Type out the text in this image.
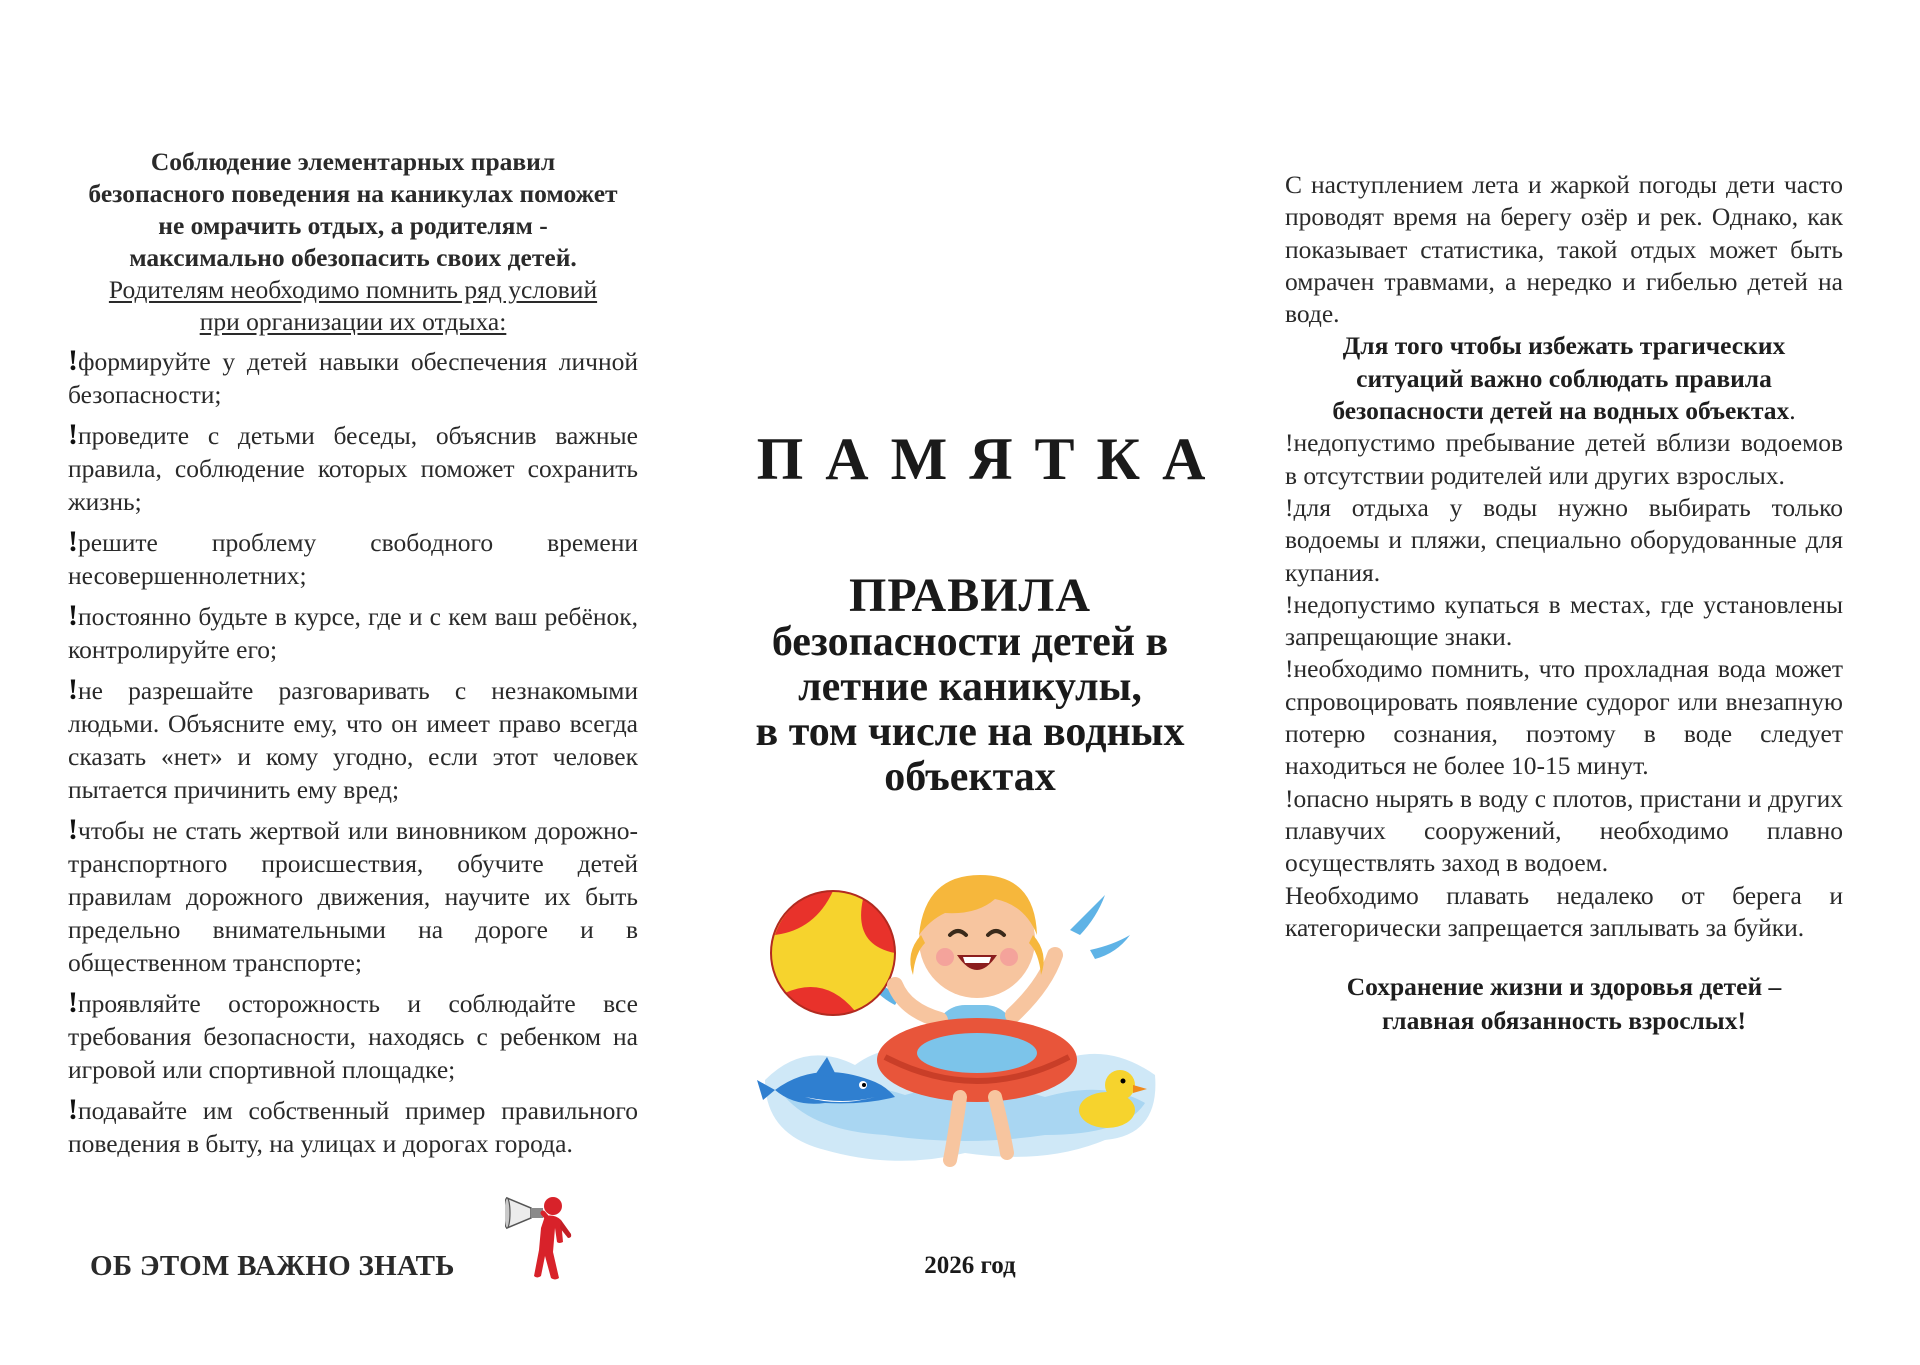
Соблюдение элементарных правил безопасного поведения на каникулах поможет не омрачить отдых, а родителям - максимально обезопасить своих детей.
Родителям необходимо помнить ряд условий при организации их отдыха:
!формируйте у детей навыки обеспечения личной безопасности;
!проведите с детьми беседы, объяснив важные правила, соблюдение которых поможет сохранить жизнь;
!решите проблему свободного времени несовершеннолетних;
!постоянно будьте в курсе, где и с кем ваш ребёнок, контролируйте его;
!не разрешайте разговаривать с незнакомыми людьми. Объясните ему, что он имеет право всегда сказать «нет» и кому угодно, если этот человек пытается причинить ему вред;
!чтобы не стать жертвой или виновником дорожно-транспортного происшествия, обучите детей правилам дорожного движения, научите их быть предельно внимательными на дороге и в общественном транспорте;
!проявляйте осторожность и соблюдайте все требования безопасности, находясь с ребенком на игровой или спортивной площадке;
!подавайте им собственный пример правильного поведения в быту, на улицах и дорогах города.
ОБ ЭТОМ ВАЖНО ЗНАТЬ
ПАМЯТКА
ПРАВИЛА
безопасности детей в
летние каникулы,
в том числе на водных
объектах
2026 год

С наступлением лета и жаркой погоды дети часто проводят время на берегу озёр и рек. Однако, как показывает статистика, такой отдых может быть омрачен травмами, а нередко и гибелью детей на воде.

Для того чтобы избежать трагических ситуаций важно соблюдать правила безопасности детей на водных объектах.

!недопустимо пребывание детей вблизи водоемов в отсутствии родителей или других взрослых.

!для отдыха у воды нужно выбирать только водоемы и пляжи, специально оборудованные для купания.

!недопустимо купаться в местах, где установлены запрещающие знаки.

!необходимо помнить, что прохладная вода может спровоцировать появление судорог или внезапную потерю сознания, поэтому в воде следует находиться не более 10-15 минут.

!опасно нырять в воду с плотов, пристани и других плавучих сооружений, необходимо плавно осуществлять заход в водоем.

Необходимо плавать недалеко от берега и категорически запрещается заплывать за буйки.

Сохранение жизни и здоровья детей –
главная обязанность взрослых!
